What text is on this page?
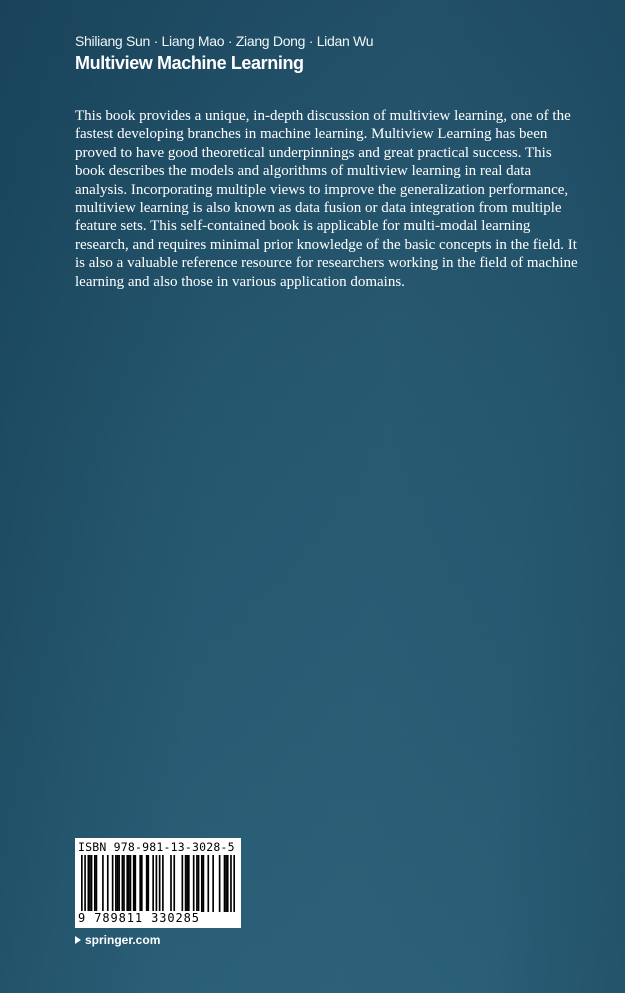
Shiliang Sun · Liang Mao · Ziang Dong · Lidan Wu
Multiview Machine Learning

This book provides a unique, in-depth discussion of multiview learning, one of the fastest developing branches in machine learning. Multiview Learning has been proved to have good theoretical underpinnings and great practical success. This book describes the models and algorithms of multiview learning in real data analysis. Incorporating multiple views to improve the generalization performance, multiview learning is also known as data fusion or data integration from multiple feature sets. This self-contained book is applicable for multi-modal learning research, and requires minimal prior knowledge of the basic concepts in the field. It is also a valuable reference resource for researchers working in the field of machine learning and also those in various application domains.

ISBN 978-981-13-3028-5
9 789811 330285
springer.com
